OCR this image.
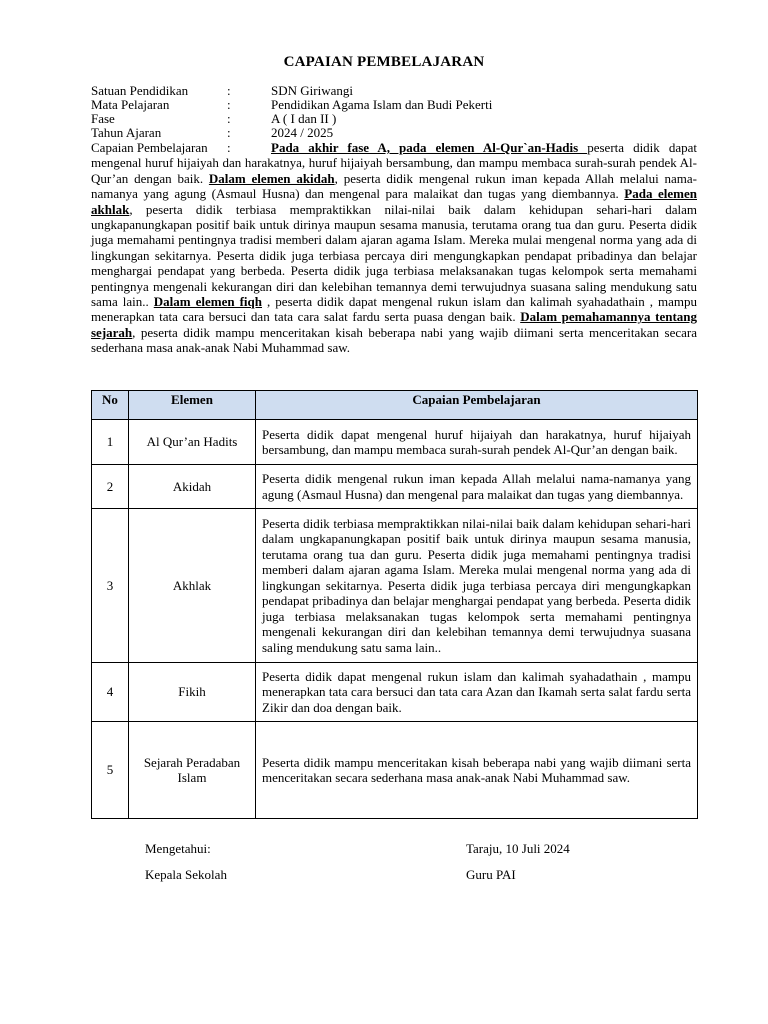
CAPAIAN PEMBELAJARAN
Satuan Pendidikan	:	SDN Giriwangi
Mata Pelajaran	:	Pendidikan Agama Islam dan Budi Pekerti
Fase	:	A ( I dan II )
Tahun Ajaran	:	2024 / 2025
Capaian Pembelajaran :	Pada akhir fase A, pada elemen Al-Qur`an-Hadis peserta didik dapat mengenal huruf hijaiyah dan harakatnya, huruf hijaiyah bersambung, dan mampu membaca surah-surah pendek Al-Qur’an dengan baik. Dalam elemen akidah, peserta didik mengenal rukun iman kepada Allah melalui nama-namanya yang agung (Asmaul Husna) dan mengenal para malaikat dan tugas yang diembannya. Pada elemen akhlak, peserta didik terbiasa mempraktikkan nilai-nilai baik dalam kehidupan sehari-hari dalam ungkapanungkapan positif baik untuk dirinya maupun sesama manusia, terutama orang tua dan guru. Peserta didik juga memahami pentingnya tradisi memberi dalam ajaran agama Islam. Mereka mulai mengenal norma yang ada di lingkungan sekitarnya. Peserta didik juga terbiasa percaya diri mengungkapkan pendapat pribadinya dan belajar menghargai pendapat yang berbeda. Peserta didik juga terbiasa melaksanakan tugas kelompok serta memahami pentingnya mengenali kekurangan diri dan kelebihan temannya demi terwujudnya suasana saling mendukung satu sama lain.. Dalam elemen fiqh , peserta didik dapat mengenal rukun islam dan kalimah syahadathain , mampu menerapkan tata cara bersuci dan tata cara salat fardu serta puasa dengan baik. Dalam pemahamannya tentang sejarah, peserta didik mampu menceritakan kisah beberapa nabi yang wajib diimani serta menceritakan secara sederhana masa anak-anak Nabi Muhammad saw.
No	Elemen	Capaian Pembelajaran
1	Al Qur’an Hadits	Peserta didik dapat mengenal huruf hijaiyah dan harakatnya, huruf hijaiyah bersambung, dan mampu membaca surah-surah pendek Al-Qur’an dengan baik.
2	Akidah	Peserta didik mengenal rukun iman kepada Allah melalui nama-namanya yang agung (Asmaul Husna) dan mengenal para malaikat dan tugas yang diembannya.
3	Akhlak	Peserta didik terbiasa mempraktikkan nilai-nilai baik dalam kehidupan sehari-hari dalam ungkapanungkapan positif baik untuk dirinya maupun sesama manusia, terutama orang tua dan guru. Peserta didik juga memahami pentingnya tradisi memberi dalam ajaran agama Islam. Mereka mulai mengenal norma yang ada di lingkungan sekitarnya. Peserta didik juga terbiasa percaya diri mengungkapkan pendapat pribadinya dan belajar menghargai pendapat yang berbeda. Peserta didik juga terbiasa melaksanakan tugas kelompok serta memahami pentingnya mengenali kekurangan diri dan kelebihan temannya demi terwujudnya suasana saling mendukung satu sama lain..
4	Fikih	Peserta didik dapat mengenal rukun islam dan kalimah syahadathain , mampu menerapkan tata cara bersuci dan tata cara Azan dan Ikamah serta salat fardu serta Zikir dan doa dengan baik.
5	Sejarah Peradaban Islam	Peserta didik mampu menceritakan kisah beberapa nabi yang wajib diimani serta menceritakan secara sederhana masa anak-anak Nabi Muhammad saw.
Mengetahui:
Kepala Sekolah
Taraju, 10 Juli 2024
Guru PAI
